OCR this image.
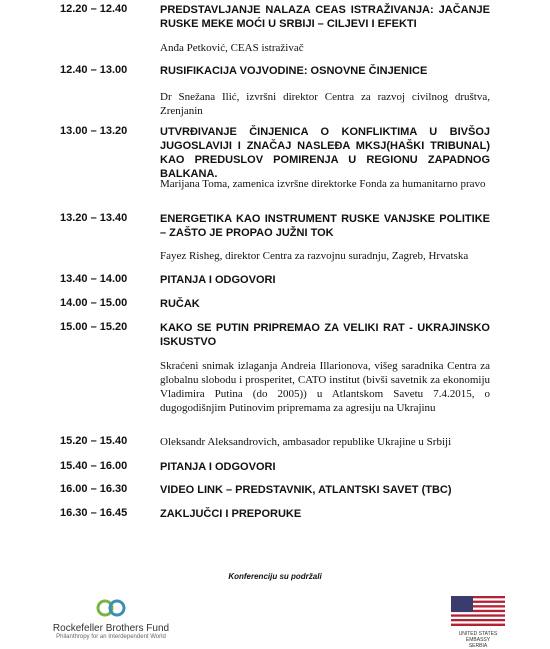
12.20 – 12.40	PREDSTAVLJANJE NALAZA CEAS ISTRAŽIVANJA: JAČANJE RUSKE MEKE MOĆI U SRBIJI – CILJEVI I EFEKTI
Anđa Petković, CEAS istraživač
12.40 – 13.00	RUSIFIKACIJA VOJVODINE: OSNOVNE ČINJENICE
Dr Snežana Ilić, izvršni direktor Centra za razvoj civilnog društva, Zrenjanin
13.00 – 13.20	UTVRĐIVANJE ČINJENICA O KONFLIKTIMA U BIVŠOJ JUGOSLAVIJI I ZNAČAJ NASLEĐA MKSJ(HAŠKI TRIBUNAL) KAO PREDUSLOV POMIRENJA U REGIONU ZAPADNOG BALKANA.
Marijana Toma, zamenica izvršne direktorke Fonda za humanitarno pravo
13.20 – 13.40	ENERGETIKA KAO INSTRUMENT RUSKE VANJSKE POLITIKE – ZAŠTO JE PROPAO JUŽNI TOK
Fayez Risheg, direktor Centra za razvojnu suradnju, Zagreb, Hrvatska
13.40 – 14.00	PITANJA I ODGOVORI
14.00 – 15.00	RUČAK
15.00 – 15.20	KAKO SE PUTIN PRIPREMAO ZA VELIKI RAT - UKRAJINSKO ISKUSTVO
Skraćeni snimak izlaganja Andreia Illarionova, višeg saradnika Centra za globalnu slobodu i prosperitet, CATO institut (bivši savetnik za ekonomiju Vladimira Putina (do 2005)) u Atlantskom Savetu 7.4.2015, o dugogodišnjim Putinovim pripremama za agresiju na Ukrajinu
15.20 – 15.40	Oleksandr Aleksandrovich, ambasador republike Ukrajine u Srbiji
15.40 – 16.00	PITANJA I ODGOVORI
16.00 – 16.30	VIDEO LINK – PREDSTAVNIK, ATLANTSKI SAVET (TBC)
16.30 – 16.45	ZAKLJUČCI I PREPORUKE
Konferenciju su podržali
Rockefeller Brothers Fund
Philanthropy for an Interdependent World	UNITED STATES EMBASSY
SERBIA
